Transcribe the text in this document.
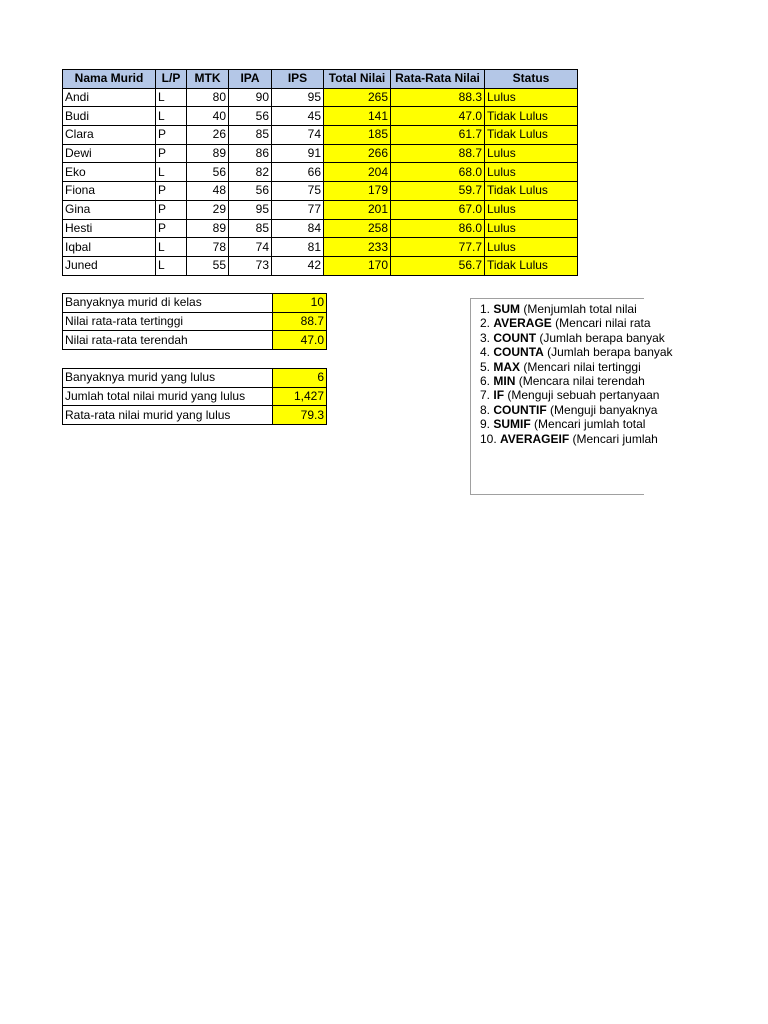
Nama Murid	L/P	MTK	IPA	IPS	Total Nilai	Rata-Rata Nilai	Status
Andi	L	80	90	95	265	88.3	Lulus
Budi	L	40	56	45	141	47.0	Tidak Lulus
Clara	P	26	85	74	185	61.7	Tidak Lulus
Dewi	P	89	86	91	266	88.7	Lulus
Eko	L	56	82	66	204	68.0	Lulus
Fiona	P	48	56	75	179	59.7	Tidak Lulus
Gina	P	29	95	77	201	67.0	Lulus
Hesti	P	89	85	84	258	86.0	Lulus
Iqbal	L	78	74	81	233	77.7	Lulus
Juned	L	55	73	42	170	56.7	Tidak Lulus
Banyaknya murid di kelas	10
Nilai rata-rata tertinggi	88.7
Nilai rata-rata terendah	47.0
Banyaknya murid yang lulus	6
Jumlah total nilai murid yang lulus	1,427
Rata-rata nilai murid yang lulus	79.3
1. SUM (Menjumlah total nilai
2. AVERAGE (Mencari nilai rata
3. COUNT (Jumlah berapa banyak
4. COUNTA (Jumlah berapa banyak
5. MAX (Mencari nilai tertinggi
6. MIN (Mencara nilai terendah
7. IF (Menguji sebuah pertanyaan
8. COUNTIF (Menguji banyaknya
9. SUMIF (Mencari jumlah total
10. AVERAGEIF (Mencari jumlah
